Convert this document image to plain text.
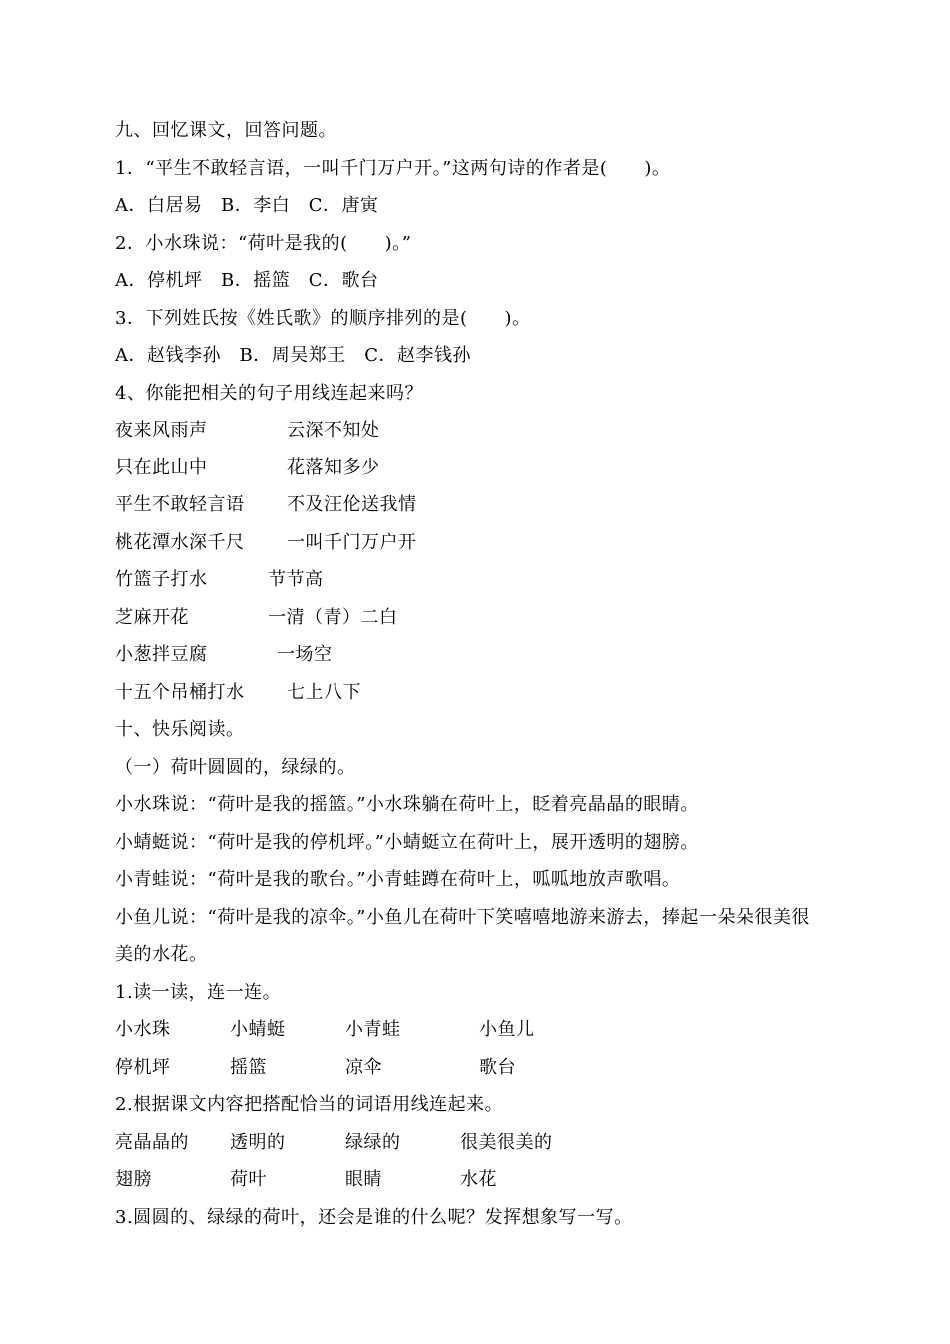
九、回忆课文，回答问题。
1．“平生不敢轻言语，一叫千门万户开。”这两句诗的作者是(　　)。
A．白居易　B．李白　C．唐寅
2．小水珠说：“荷叶是我的(　　)。”
A．停机坪　B．摇篮　C．歌台
3．下列姓氏按《姓氏歌》的顺序排列的是(　　)。
A．赵钱李孙　B．周吴郑王　C．赵李钱孙
4、你能把相关的句子用线连起来吗？
夜来风雨声	云深不知处
只在此山中	花落知多少
平生不敢轻言语 不及汪伦送我情
桃花潭水深千尺 一叫千门万户开
竹篮子打水	节节高
芝麻开花	一清（青）二白
小葱拌豆腐	一场空
十五个吊桶打水 七上八下
十、快乐阅读。
（一）荷叶圆圆的，绿绿的。
小水珠说：“荷叶是我的摇篮。”小水珠躺在荷叶上，眨着亮晶晶的眼睛。
小蜻蜓说：“荷叶是我的停机坪。”小蜻蜓立在荷叶上，展开透明的翅膀。
小青蛙说：“荷叶是我的歌台。”小青蛙蹲在荷叶上，呱呱地放声歌唱。
小鱼儿说：“荷叶是我的凉伞。”小鱼儿在荷叶下笑嘻嘻地游来游去，捧起一朵朵很美很
美的水花。
1.读一读，连一连。
小水珠	小蜻蜓	小青蛙	小鱼儿
停机坪	摇篮	凉伞	歌台
2.根据课文内容把搭配恰当的词语用线连起来。
亮晶晶的 透明的	绿绿的	很美很美的
翅膀	荷叶	眼睛	水花
3.圆圆的、绿绿的荷叶，还会是谁的什么呢？发挥想象写一写。
